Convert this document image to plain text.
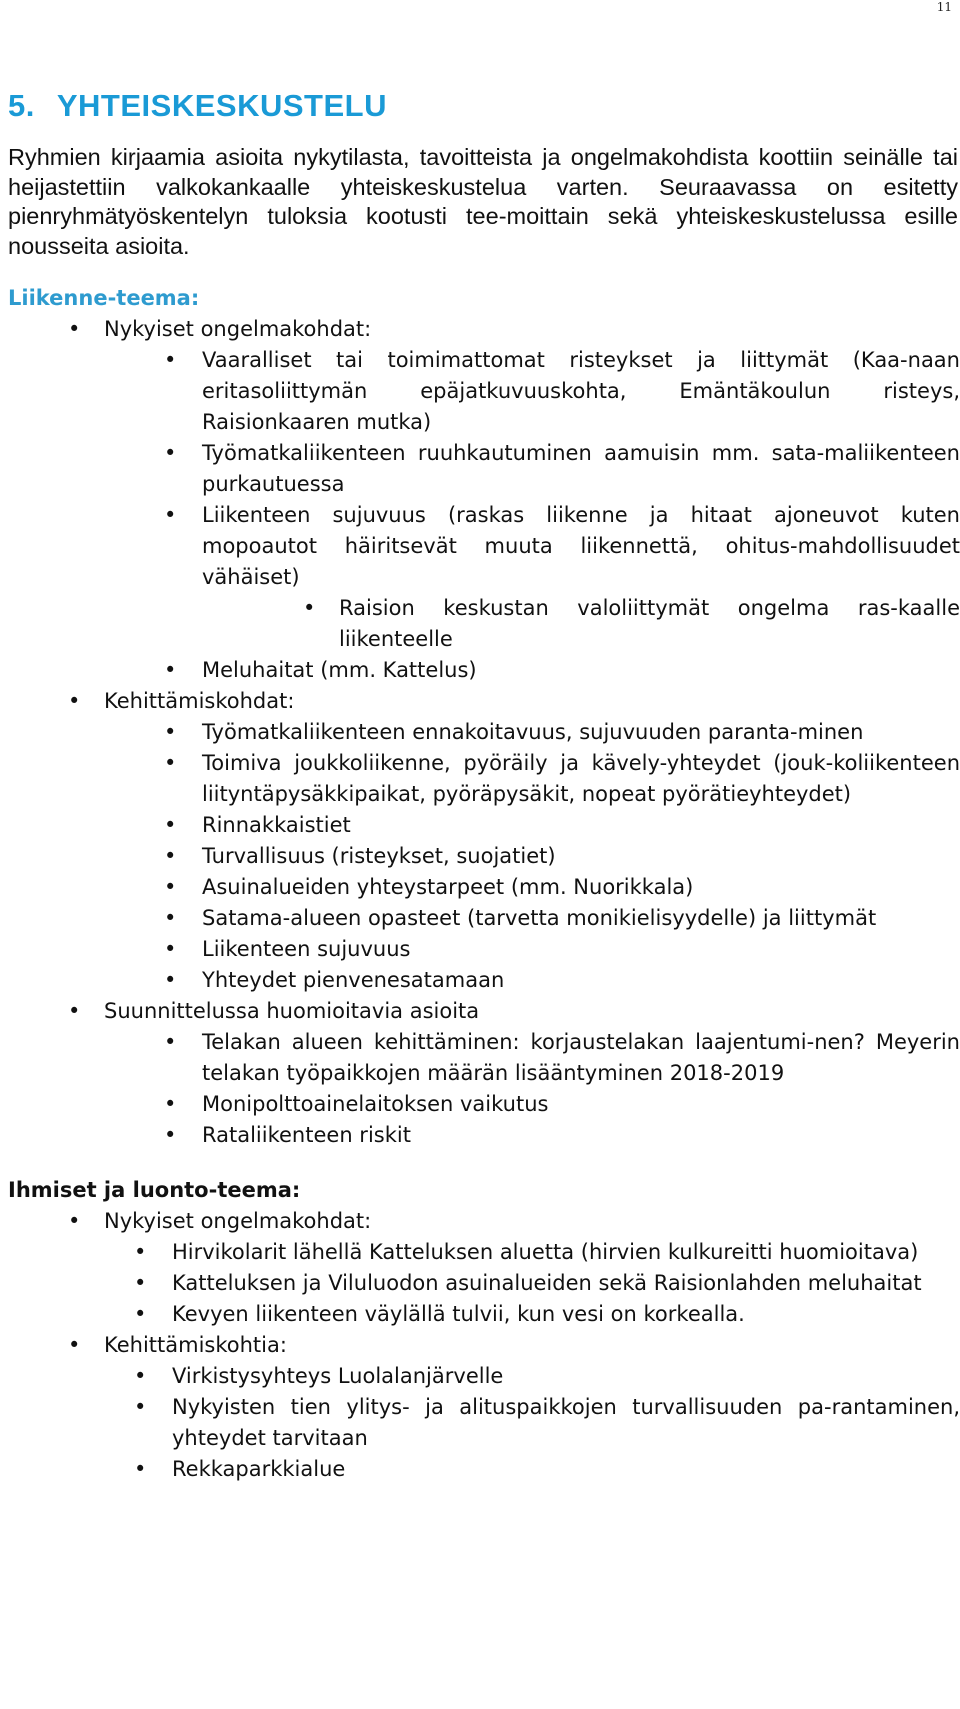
11
5. YHTEISKESKUSTELU

Ryhmien kirjaamia asioita nykytilasta, tavoitteista ja ongelmakohdista koottiin seinälle tai heijastettiin valkokankaalle yhteiskeskustelua varten. Seuraavassa on esitetty pienryhmätyöskentelyn tuloksia kootusti tee-moittain sekä yhteiskeskustelussa esille nousseita asioita.

Liikenne-teema:
• Nykyiset ongelmakohdat:
• Vaaralliset tai toimimattomat risteykset ja liittymät (Kaa-naan eritasoliittymän epäjatkuvuuskohta, Emäntäkoulun risteys, Raisionkaaren mutka)
• Työmatkaliikenteen ruuhkautuminen aamuisin mm. sata-maliikenteen purkautuessa
• Liikenteen sujuvuus (raskas liikenne ja hitaat ajoneuvot kuten mopoautot häiritsevät muuta liikennettä, ohitus-mahdollisuudet vähäiset)
• Raision keskustan valoliittymät ongelma ras-kaalle liikenteelle
• Meluhaitat (mm. Kattelus)
• Kehittämiskohdat:
• Työmatkaliikenteen ennakoitavuus, sujuvuuden paranta-minen
• Toimiva joukkoliikenne, pyöräily ja kävely-yhteydet (jouk-koliikenteen liityntäpysäkkipaikat, pyöräpysäkit, nopeat pyörätieyhteydet)
• Rinnakkaistiet
• Turvallisuus (risteykset, suojatiet)
• Asuinalueiden yhteystarpeet (mm. Nuorikkala)
• Satama-alueen opasteet (tarvetta monikielisyydelle) ja liittymät
• Liikenteen sujuvuus
• Yhteydet pienvenesatamaan
• Suunnittelussa huomioitavia asioita
• Telakan alueen kehittäminen: korjaustelakan laajentumi-nen? Meyerin telakan työpaikkojen määrän lisääntyminen 2018-2019
• Monipolttoainelaitoksen vaikutus
• Rataliikenteen riskit
Ihmiset ja luonto-teema:
• Nykyiset ongelmakohdat:
• Hirvikolarit lähellä Katteluksen aluetta (hirvien kulkureitti huomioitava)
• Katteluksen ja Viluluodon asuinalueiden sekä Raisionlahden meluhaitat
• Kevyen liikenteen väylällä tulvii, kun vesi on korkealla.
• Kehittämiskohtia:
• Virkistysyhteys Luolalanjärvelle
• Nykyisten tien ylitys- ja alituspaikkojen turvallisuuden pa-rantaminen, yhteydet tarvitaan
• Rekkaparkkialue
